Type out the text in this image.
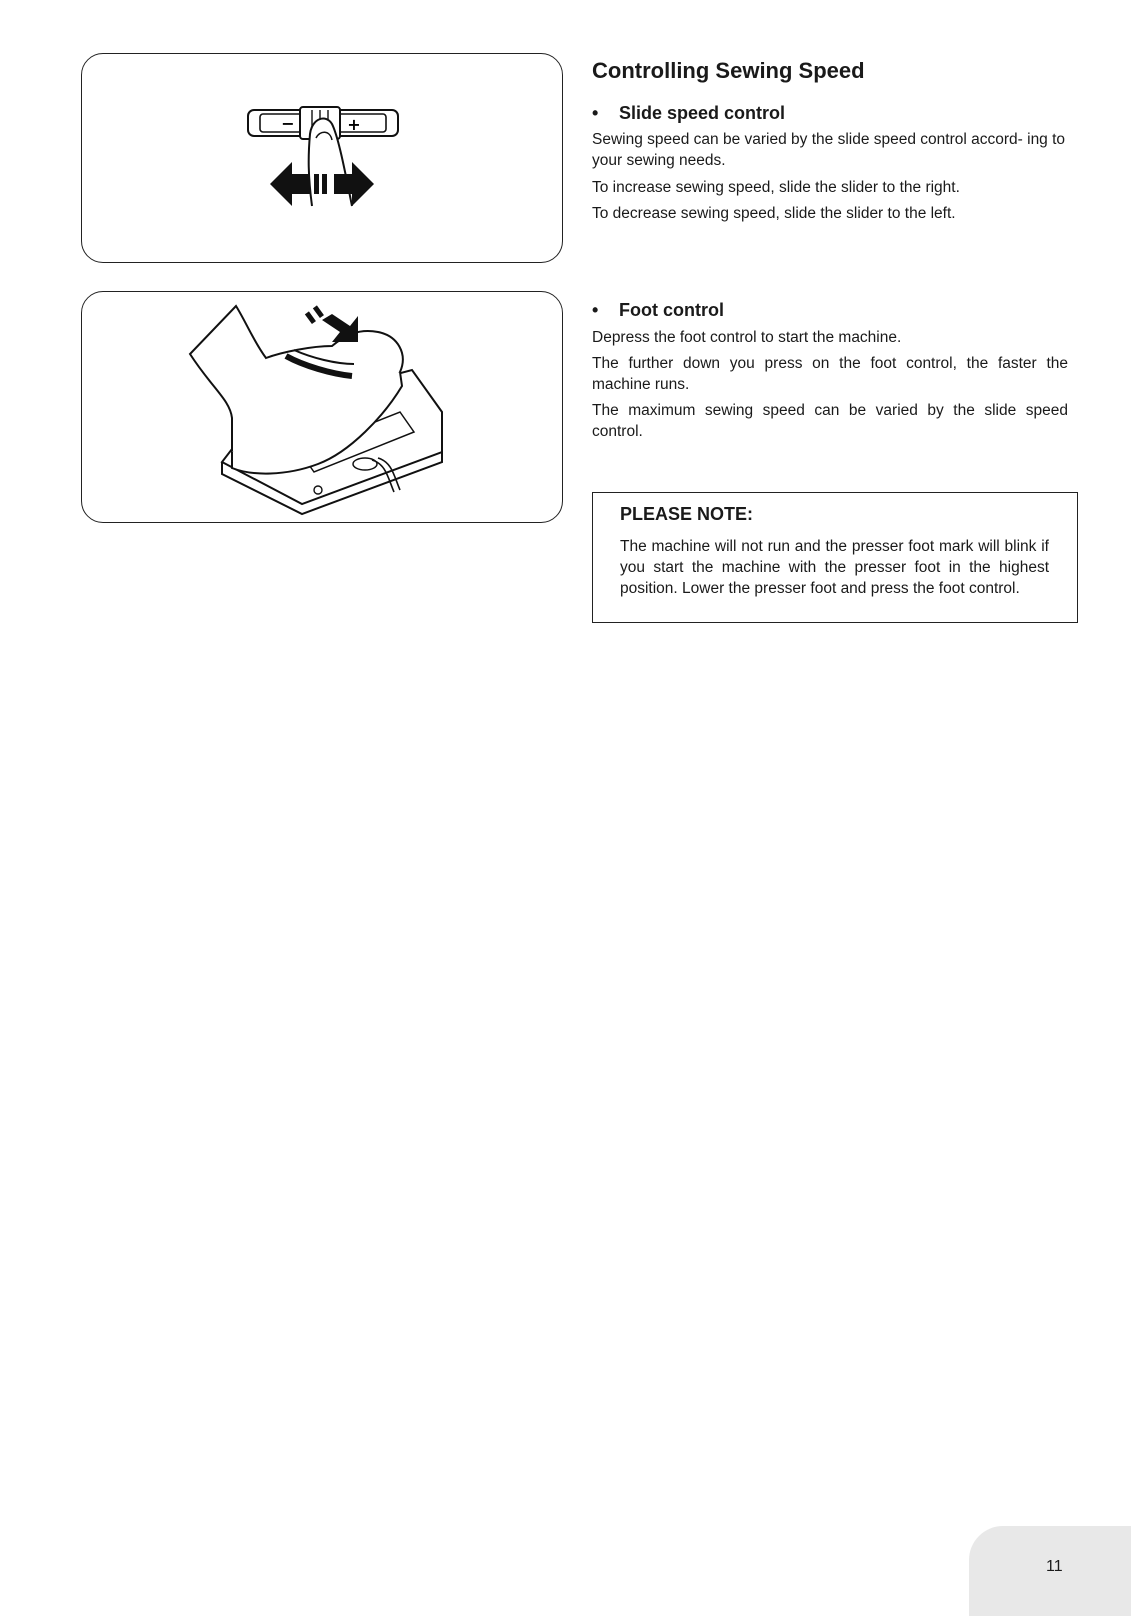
−	+
Controlling Sewing Speed
• Slide speed control

Sewing speed can be varied by the slide speed control accord- ing to your sewing needs.

To increase sewing speed, slide the slider to the right.

To decrease sewing speed, slide the slider to the left.

• Foot control

Depress the foot control to start the machine.

The further down you press on the foot control, the faster the machine runs.

The maximum sewing speed can be varied by the slide speed control.

PLEASE NOTE:

The machine will not run and the presser foot mark will blink if you start the machine with the presser foot in the highest position. Lower the presser foot and press the foot control.

11
